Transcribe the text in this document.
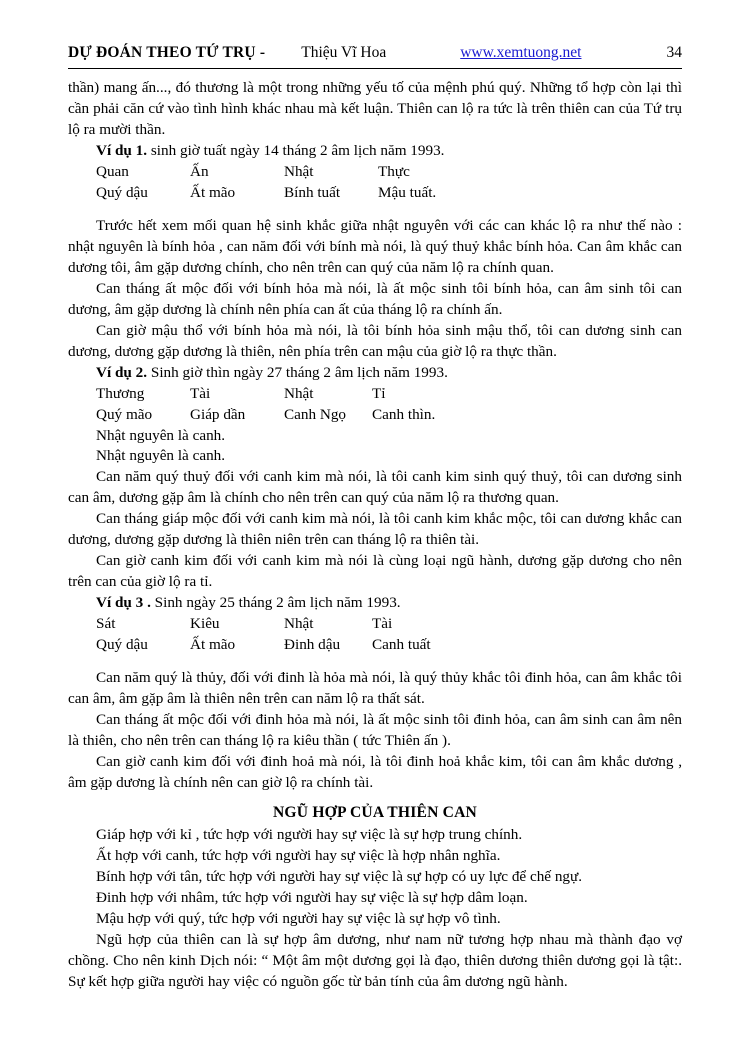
DỰ ĐOÁN THEO TỨ TRỤ - Thiệu Vĩ Hoa	www.xemtuong.net	34

thần) mang ấn..., đó thương là một trong những yếu tố của mệnh phú quý. Những tổ hợp còn lại thì cần phải căn cứ vào tình hình khác nhau mà kết luận. Thiên can lộ ra tức là trên thiên can của Tứ trụ lộ ra mười thần.

Ví dụ 1. sinh giờ tuất ngày 14 tháng 2 âm lịch năm 1993.

Quan	Ấn	Nhật	Thực
Quý dậu	Ất mão	Bính tuất	Mậu tuất.

Trước hết xem mối quan hệ sinh khắc giữa nhật nguyên với các can khác lộ ra như thế nào : nhật nguyên là bính hỏa , can năm đối với bính mà nói, là quý thuỷ khắc bính hỏa. Can âm khắc can dương tôi, âm gặp dương chính, cho nên trên can quý của năm lộ ra chính quan.

Can tháng ất mộc đối với bính hỏa mà nói, là ất mộc sinh tôi bính hỏa, can âm sinh tôi can dương, âm gặp dương là chính nên phía can ất của tháng lộ ra chính ấn.

Can giờ mậu thổ với bính hỏa mà nói, là tôi bính hỏa sinh mậu thổ, tôi can dương sinh can dương, dương gặp dương là thiên, nên phía trên can mậu của giờ lộ ra thực thần.

Ví dụ 2. Sinh giờ thìn ngày 27 tháng 2 âm lịch năm 1993.

Thương	Tài	Nhật	Tỉ
Quý mão	Giáp dần	Canh Ngọ	Canh thìn.
Nhật nguyên là canh.
Nhật nguyên là canh.

Can năm quý thuỷ đối với canh kim mà nói, là tôi canh kim sinh quý thuỷ, tôi can dương sinh can âm, dương gặp âm là chính cho nên trên can quý của năm lộ ra thương quan.

Can tháng giáp mộc đối với canh kim mà nói, là tôi canh kim khắc mộc, tôi can dương khắc can dương, dương gặp dương là thiên niên trên can tháng lộ ra thiên tài.

Can giờ canh kim đối với canh kim mà nói là cùng loại ngũ hành, dương gặp dương cho nên trên can của giờ lộ ra tỉ.

Ví dụ 3 . Sinh ngày 25 tháng 2 âm lịch năm 1993.

Sát	Kiêu	Nhật	Tài
Quý dậu	Ất mão	Đinh dậu	Canh tuất

Can năm quý là thủy, đối với đinh là hỏa mà nói, là quý thủy khắc tôi đinh hỏa, can âm khắc tôi can âm, âm gặp âm là thiên nên trên can năm lộ ra thất sát.

Can tháng ất mộc đối với đinh hỏa mà nói, là ất mộc sinh tôi đinh hỏa, can âm sinh can âm nên là thiên, cho nên trên can tháng lộ ra kiêu thần ( tức Thiên ấn ).

Can giờ canh kim đối với đinh hoả mà nói, là tôi đinh hoả khắc kim, tôi can âm khắc dương , âm gặp dương là chính nên can giờ lộ ra chính tài.

NGŨ HỢP CỦA THIÊN CAN

Giáp hợp với kỉ , tức hợp với người hay sự việc là sự hợp trung chính.

Ất hợp với canh, tức hợp với người hay sự việc là hợp nhân nghĩa.

Bính hợp với tân, tức hợp với người hay sự việc là sự hợp có uy lực để chế ngự.

Đinh hợp với nhâm, tức hợp với người hay sự việc là sự hợp dâm loạn.

Mậu hợp với quý, tức hợp với người hay sự việc là sự hợp vô tình.

Ngũ hợp của thiên can là sự hợp âm dương, như nam nữ tương hợp nhau mà thành đạo vợ chồng. Cho nên kinh Dịch nói: “ Một âm một dương gọi là đạo, thiên dương thiên dương gọi là tật:. Sự kết hợp giữa người hay việc có nguồn gốc từ bản tính của âm dương ngũ hành.
